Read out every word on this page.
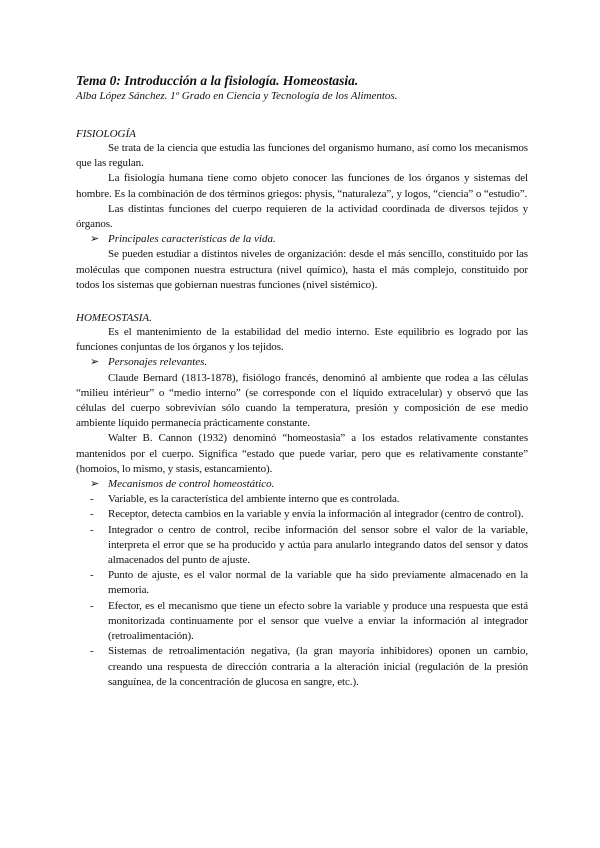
Tema 0: Introducción a la fisiología. Homeostasia.

Alba López Sánchez. 1º Grado en Ciencia y Tecnología de los Alimentos.

FISIOLOGÍA

Se trata de la ciencia que estudia las funciones del organismo humano, así como los mecanismos que las regulan.

La fisiología humana tiene como objeto conocer las funciones de los órganos y sistemas del hombre. Es la combinación de dos términos griegos: physis, “naturaleza”, y logos, “ciencia” o “estudio”.

Las distintas funciones del cuerpo requieren de la actividad coordinada de diversos tejidos y órganos.

➢ Principales características de la vida.

Se pueden estudiar a distintos niveles de organización: desde el más sencillo, constituido por las moléculas que componen nuestra estructura (nivel químico), hasta el más complejo, constituido por todos los sistemas que gobiernan nuestras funciones (nivel sistémico).

HOMEOSTASIA.

Es el mantenimiento de la estabilidad del medio interno. Este equilibrio es logrado por las funciones conjuntas de los órganos y los tejidos.

➢ Personajes relevantes.

Claude Bernard (1813-1878), fisiólogo francés, denominó al ambiente que rodea a las células “milieu intérieur” o “medio interno” (se corresponde con el líquido extracelular) y observó que las células del cuerpo sobrevivían sólo cuando la temperatura, presión y composición de ese medio ambiente líquido permanecía prácticamente constante.

Walter B. Cannon (1932) denominó “homeostasia” a los estados relativamente constantes mantenidos por el cuerpo. Significa “estado que puede variar, pero que es relativamente constante” (homoios, lo mismo, y stasis, estancamiento).

➢ Mecanismos de control homeostático.

- Variable, es la característica del ambiente interno que es controlada.
- Receptor, detecta cambios en la variable y envía la información al integrador (centro de control).
- Integrador o centro de control, recibe información del sensor sobre el valor de la variable, interpreta el error que se ha producido y actúa para anularlo integrando datos del sensor y datos almacenados del punto de ajuste.
- Punto de ajuste, es el valor normal de la variable que ha sido previamente almacenado en la memoria.
- Efector, es el mecanismo que tiene un efecto sobre la variable y produce una respuesta que está monitorizada continuamente por el sensor que vuelve a enviar la información al integrador (retroalimentación).
- Sistemas de retroalimentación negativa, (la gran mayoría inhibidores) oponen un cambio, creando una respuesta de dirección contraria a la alteración inicial (regulación de la presión sanguínea, de la concentración de glucosa en sangre, etc.).
